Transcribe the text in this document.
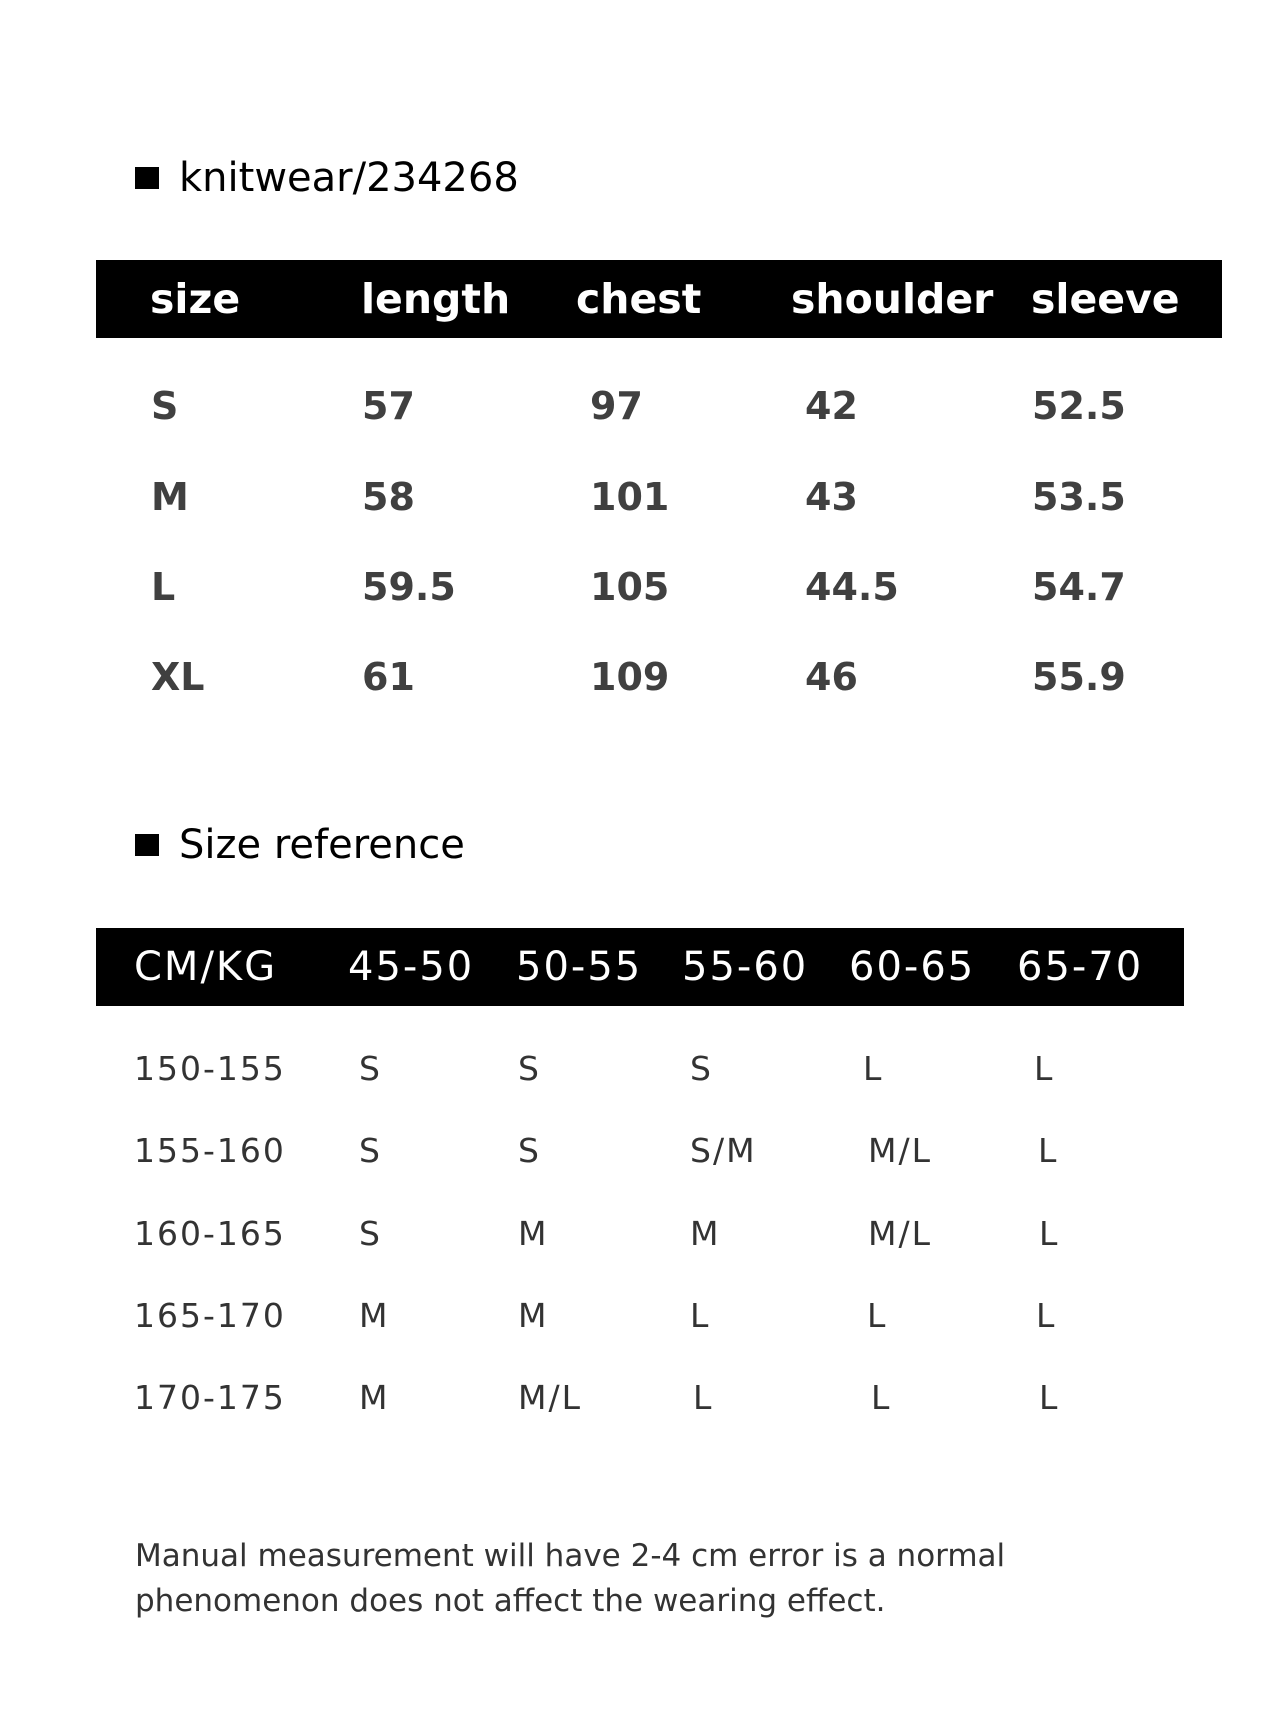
knitwear/234268
size	length chest shoulder sleeve
S	57	97	42	52.5
M	58	101	43	53.5
L	59.5	105	44.5	54.7
XL	61	109	46	55.9
Size reference
CM/KG 45-50 50-55 55-60 60-65 65-70
150-155 S	S	S	L	L
155-160 S	S	S/M	M/L	L
160-165 S	M	M	M/L	L
165-170 M	M	L	L	L
170-175 M	M/L	L	L	L
Manual measurement will have 2-4 cm error is a normal phenomenon does not affect the wearing effect.
